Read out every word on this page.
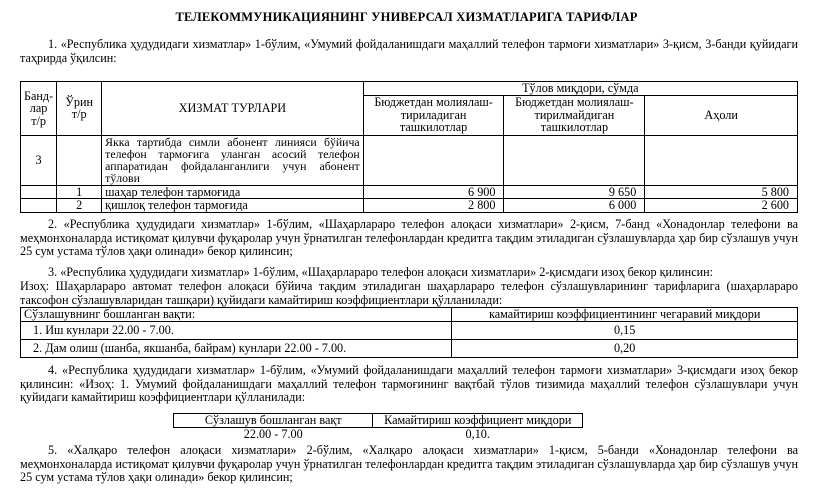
ТЕЛЕКОММУНИКАЦИЯНИНГ УНИВЕРСАЛ ХИЗМАТЛАРИГА ТАРИФЛАР
1. «Республика ҳудудидаги хизматлар» 1-бўлим, «Умумий фойдаланишдаги маҳаллий телефон тармоғи хизматлари» 3-қисм, 3-банди қуйидаги таҳрирда ўқилсин:
Банд-лар т/р	Ўрин т/р	ХИЗМАТ ТУРЛАРИ	Тўлов миқдори, сўмда		
			Бюджетдан молиялаш-тириладиган ташкилотлар	Бюджетдан молиялаш-тирилмайдиган ташкилотлар	Аҳоли
3		Якка тартибда симли абонент линияси бўйича телефон тармоғига уланган асосий телефон аппаратидан фойдаланганлиги учун абонент тўлови			
	1	шаҳар телефон тармоғида	6 900	9 650	5 800
	2	қишлоқ телефон тармоғида	2 800	6 000	2 600
2. «Республика ҳудудидаги хизматлар» 1-бўлим, «Шаҳарлараро телефон алоқаси хизматлари» 2-қисм, 7-банд «Хонадонлар телефони ва меҳмонхоналарда истиқомат қилувчи фуқаролар учун ўрнатилган телефонлардан кредитга тақдим этиладиган сўзлашувларда ҳар бир сўзлашув учун 25 сум устама тўлов ҳақи олинади» бекор қилинсин;
3. «Республика ҳудудидаги хизматлар» 1-бўлим, «Шаҳарлараро телефон алоқаси хизматлари» 2-қисмдаги изоҳ бекор қилинсин:
Изоҳ: Шаҳарлараро автомат телефон алоқаси бўйича тақдим этиладиган шаҳарлараро телефон сўзлашувларининг тарифларига (шаҳарлараро таксофон сўзлашувларидан ташқари) қуйидаги камайтириш коэффициентлари қўлланилади:
Сўзлашувнинг бошланган вақти:	камайтириш коэффициентининг чегаравий миқдори
1. Иш кунлари 22.00 - 7.00.	0,15
2. Дам олиш (шанба, якшанба, байрам) кунлари 22.00 - 7.00.	0,20
4. «Республика ҳудудидаги хизматлар» 1-бўлим, «Умумий фойдаланишдаги маҳаллий телефон тармоғи хизматлари» 3-қисмдаги изоҳ бекор қилинсин: «Изоҳ: 1. Умумий фойдаланишдаги маҳаллий телефон тармоғининг вақтбай тўлов тизимида маҳаллий телефон сўзлашувлари учун қуйидаги камайтириш коэффициентлари қўлланилади:
Сўзлашув бошланган вақт	Камайтириш коэффициент миқдори
22.00 - 7.00	0,10.
5. «Халқаро телефон алоқаси хизматлари» 2-бўлим, «Халқаро алоқаси хизматлари» 1-қисм, 5-банди «Хонадонлар телефони ва меҳмонхоналарда истиқомат қилувчи фуқаролар учун ўрнатилган телефонлардан кредитга тақдим этиладиган сўзлашувларда ҳар бир сўзлашув учун 25 сум устама тўлов ҳақи олинади» бекор қилинсин;
